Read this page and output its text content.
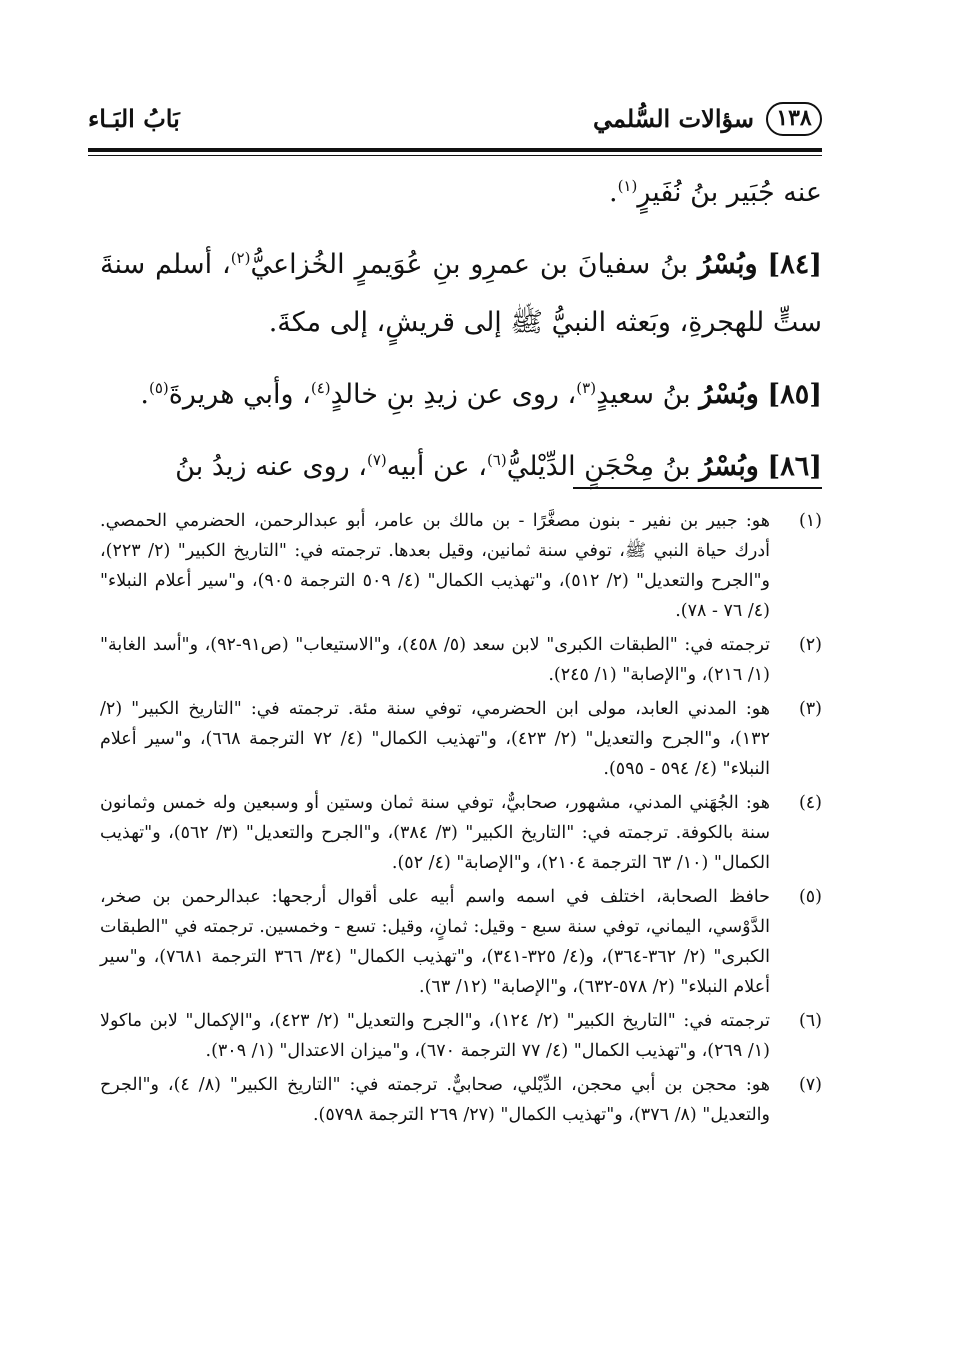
١٣٨
سؤالات السُّلمي
بَابُ البَـاء

عنه جُبَير بنُ نُفَيرٍ$^{(١)}$.

[٨٤] وبُسْرُ بنُ سفيانَ بن عمرِو بنِ عُوَيمرٍ الخُزاعيُّ$^{(٢)}$، أسلم سنةَ ستٍّ للهجرةِ، وبَعثه النبيُّ ﷺ إلى قريشٍ، إلى مكةَ.

[٨٥] وبُسْرُ بنُ سعيدٍ$^{(٣)}$، روى عن زيدِ بنِ خالدٍ$^{(٤)}$، وأبي هريرةَ$^{(٥)}$.

[٨٦] وبُسْرُ بنُ مِحْجَنٍ الدِّيْليُّ$^{(٦)}$، عن أبيه$^{(٧)}$، روى عنه زيدُ بنُ

(١)
هو: جبير بن نفير - بنون مصغَّرًا - بن مالك بن عامر، أبو عبدالرحمن، الحضرمي الحمصي. أدرك حياة النبي ﷺ، توفي سنة ثمانين، وقيل بعدها. ترجمته في: "التاريخ الكبير" (٢/ ٢٢٣)، و"الجرح والتعديل" (٢/ ٥١٢)، و"تهذيب الكمال" (٤/ ٥٠٩ الترجمة ٩٠٥)، و"سير أعلام النبلاء" (٤/ ٧٦ - ٧٨).
(٢)
ترجمته في: "الطبقات الكبرى" لابن سعد (٥/ ٤٥٨)، و"الاستيعاب" (ص٩١-٩٢)، و"أسد الغابة" (١/ ٢١٦)، و"الإصابة" (١/ ٢٤٥).
(٣)
هو: المدني العابد، مولى ابن الحضرمي، توفي سنة مئة. ترجمته في: "التاريخ الكبير" (٢/ ١٣٢)، و"الجرح والتعديل" (٢/ ٤٢٣)، و"تهذيب الكمال" (٤/ ٧٢ الترجمة ٦٦٨)، و"سير أعلام النبلاء" (٤/ ٥٩٤ - ٥٩٥).
(٤)
هو: الجُهَني المدني، مشهور، صحابيٌّ، توفي سنة ثمان وستين أو وسبعين وله خمس وثمانون سنة بالكوفة. ترجمته في: "التاريخ الكبير" (٣/ ٣٨٤)، و"الجرح والتعديل" (٣/ ٥٦٢)، و"تهذيب الكمال" (١٠/ ٦٣ الترجمة ٢١٠٤)، و"الإصابة" (٤/ ٥٢).
(٥)
حافظ الصحابة، اختلف في اسمه واسم أبيه على أقوال أرجحها: عبدالرحمن بن صخر، الدَّوْسي، اليماني، توفي سنة سبع - وقيل: ثمانٍ، وقيل: تسع - وخمسين. ترجمته في "الطبقات الكبرى" (٢/ ٣٦٢-٣٦٤)، و(٤/ ٣٢٥-٣٤١)، و"تهذيب الكمال" (٣٤/ ٣٦٦ الترجمة ٧٦٨١)، و"سير أعلام النبلاء" (٢/ ٥٧٨-٦٣٢)، و"الإصابة" (١٢/ ٦٣).
(٦)
ترجمته في: "التاريخ الكبير" (٢/ ١٢٤)، و"الجرح والتعديل" (٢/ ٤٢٣)، و"الإكمال" لابن ماكولا (١/ ٢٦٩)، و"تهذيب الكمال" (٤/ ٧٧ الترجمة ٦٧٠)، و"ميزان الاعتدال" (١/ ٣٠٩).
(٧)
هو: محجن بن أبي محجن، الدِّيْلي، صحابيٌّ. ترجمته في: "التاريخ الكبير" (٨/ ٤)، و"الجرح والتعديل" (٨/ ٣٧٦)، و"تهذيب الكمال" (٢٧/ ٢٦٩ الترجمة ٥٧٩٨).
